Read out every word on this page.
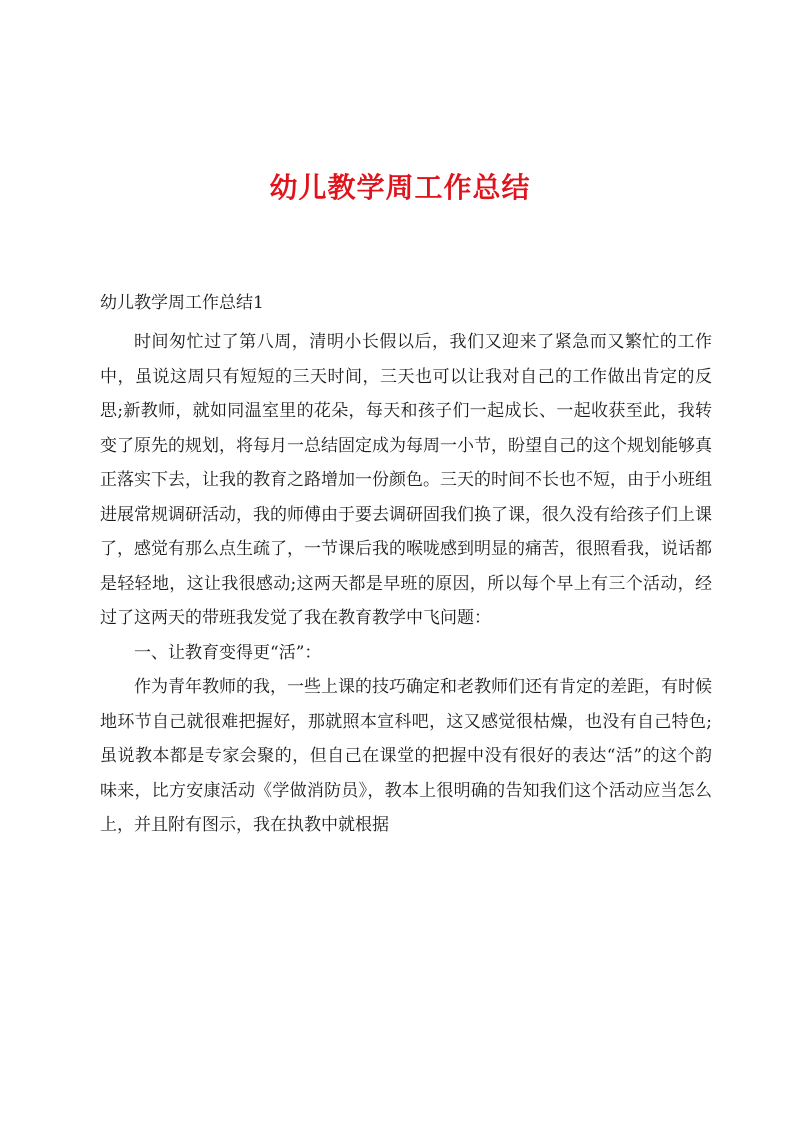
幼儿教学周工作总结
幼儿教学周工作总结1

时间匆忙过了第八周，清明小长假以后，我们又迎来了紧急而又繁忙的工作中，虽说这周只有短短的三天时间，三天也可以让我对自己的工作做出肯定的反思;新教师，就如同温室里的花朵，每天和孩子们一起成长、一起收获至此，我转变了原先的规划，将每月一总结固定成为每周一小节，盼望自己的这个规划能够真正落实下去，让我的教育之路增加一份颜色。三天的时间不长也不短，由于小班组进展常规调研活动，我的师傅由于要去调研固我们换了课，很久没有给孩子们上课了，感觉有那么点生疏了，一节课后我的喉咙感到明显的痛苦，很照看我，说话都是轻轻地，这让我很感动;这两天都是早班的原因，所以每个早上有三个活动，经过了这两天的带班我发觉了我在教育教学中飞问题：

一、让教育变得更“活”：

作为青年教师的我，一些上课的技巧确定和老教师们还有肯定的差距，有时候地环节自己就很难把握好，那就照本宣科吧，这又感觉很枯燥，也没有自己特色;虽说教本都是专家会聚的，但自己在课堂的把握中没有很好的表达“活”的这个韵味来，比方安康活动《学做消防员》，教本上很明确的告知我们这个活动应当怎么上，并且附有图示，我在执教中就根据
